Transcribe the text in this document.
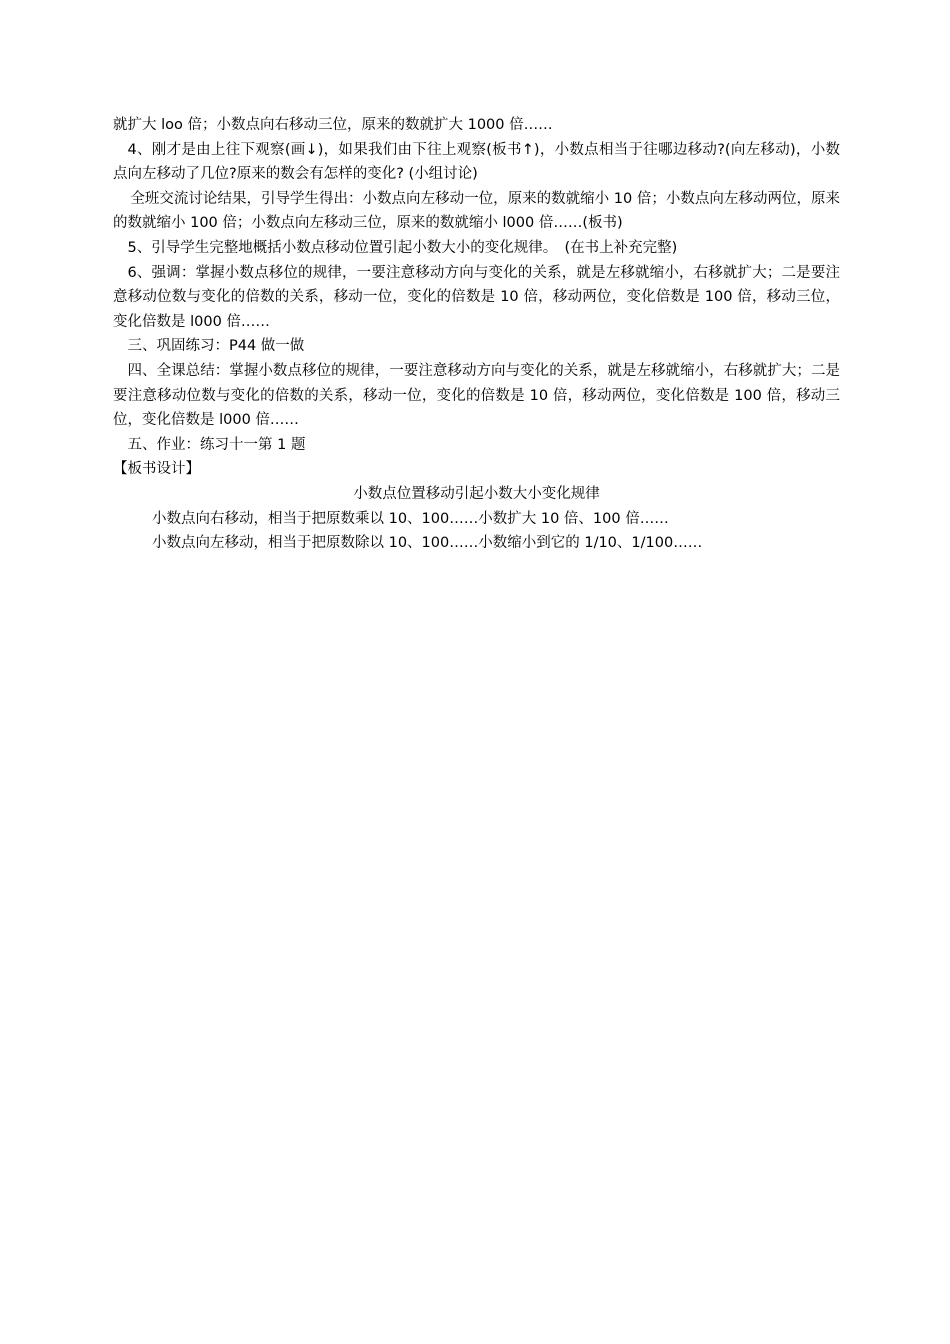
就扩大 loo 倍；小数点向右移动三位，原来的数就扩大 1000 倍……

4、刚才是由上往下观察(画↓)，如果我们由下往上观察(板书↑)，小数点相当于往哪边移动?(向左移动)，小数点向左移动了几位?原来的数会有怎样的变化? (小组讨论)

全班交流讨论结果，引导学生得出：小数点向左移动一位，原来的数就缩小 10 倍；小数点向左移动两位，原来的数就缩小 100 倍；小数点向左移动三位，原来的数就缩小 l000 倍……(板书)

5、引导学生完整地概括小数点移动位置引起小数大小的变化规律。　(在书上补充完整)

6、强调：掌握小数点移位的规律，一要注意移动方向与变化的关系，就是左移就缩小，右移就扩大；二是要注意移动位数与变化的倍数的关系，移动一位，变化的倍数是 10 倍，移动两位，变化倍数是 100 倍，移动三位，变化倍数是 l000 倍……

三、巩固练习：P44 做一做

四、全课总结：掌握小数点移位的规律，一要注意移动方向与变化的关系，就是左移就缩小，右移就扩大；二是要注意移动位数与变化的倍数的关系，移动一位，变化的倍数是 10 倍，移动两位，变化倍数是 100 倍，移动三位，变化倍数是 l000 倍……

五、作业：练习十一第 1 题

【板书设计】

小数点位置移动引起小数大小变化规律

小数点向右移动，相当于把原数乘以 10、100……小数扩大 10 倍、100 倍……

小数点向左移动，相当于把原数除以 10、100……小数缩小到它的 1/10、1/100……
